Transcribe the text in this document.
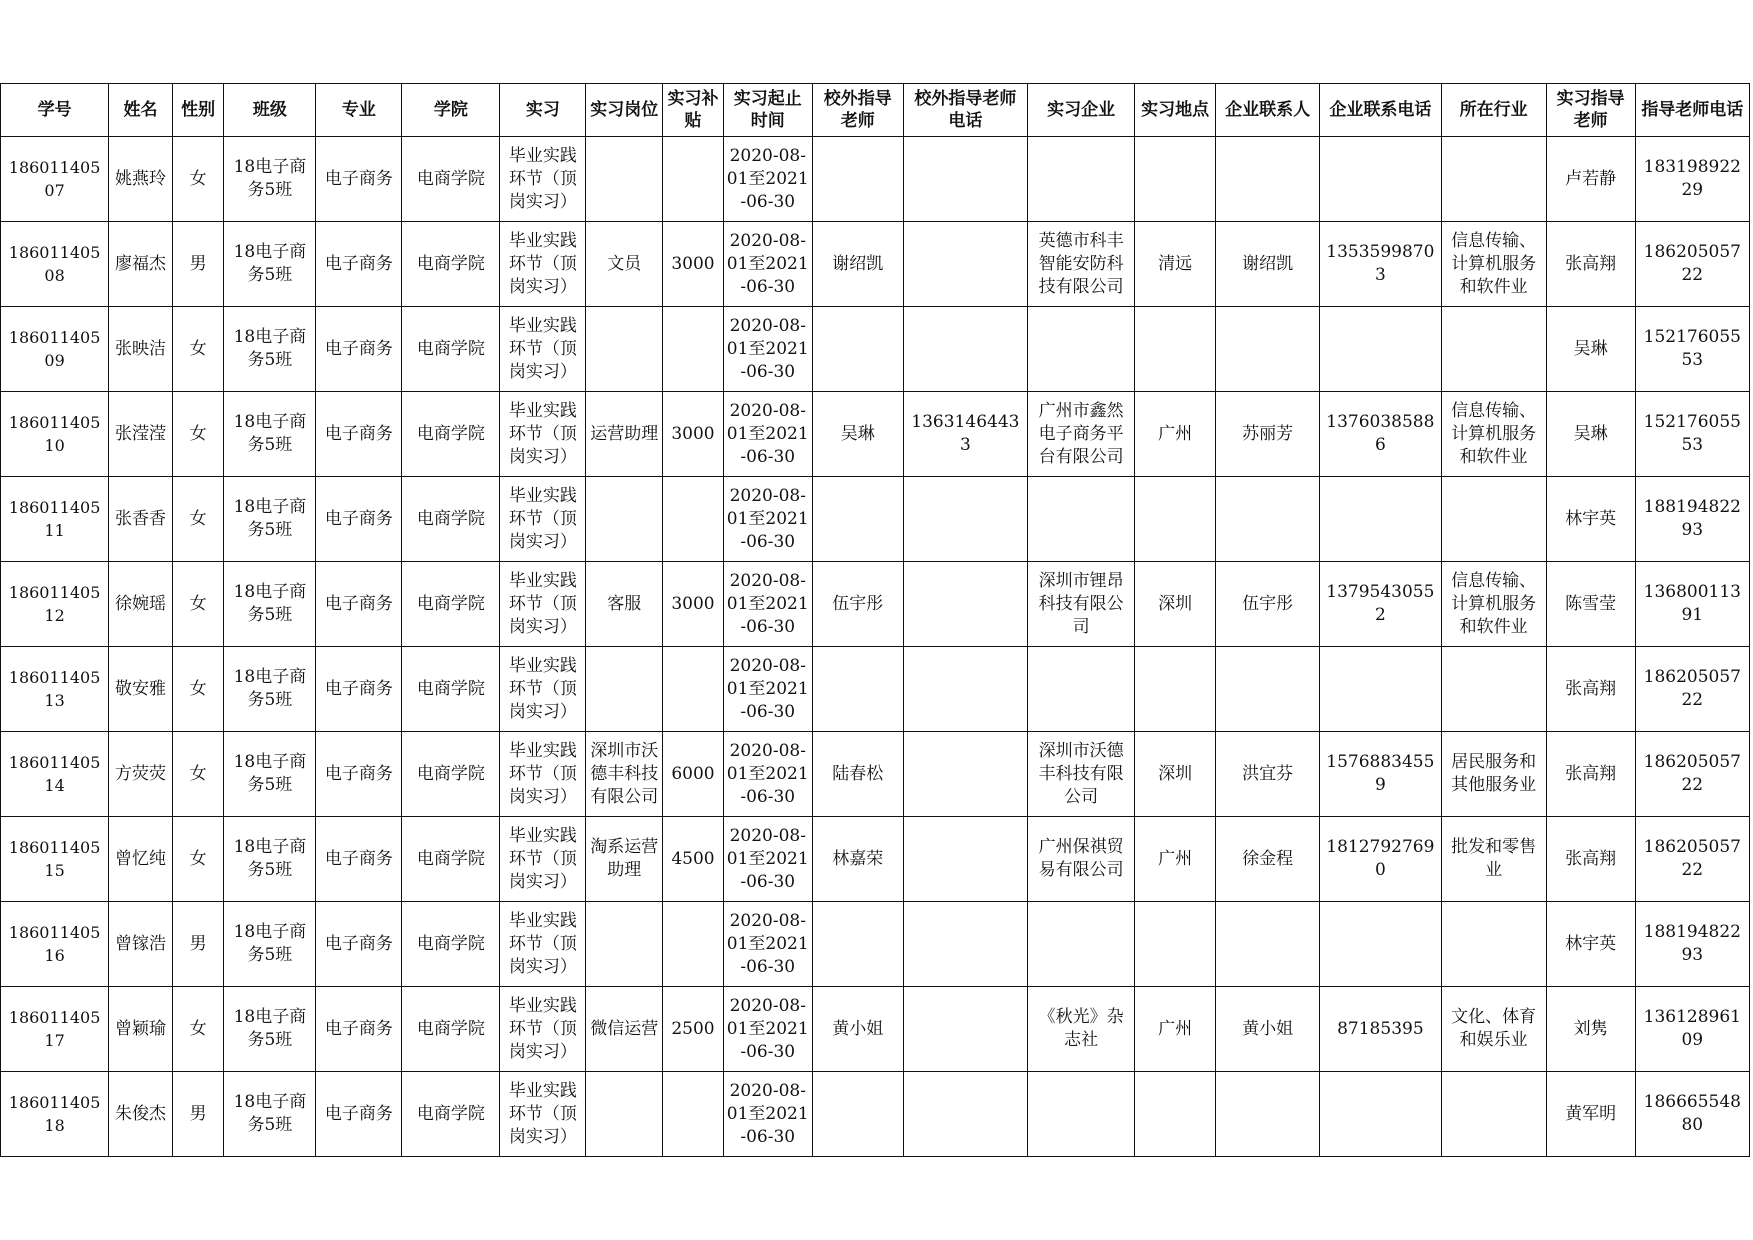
学号	姓名	性别	班级	专业	学院	实习	实习岗位	实习补贴	实习起止时间	校外指导老师	校外指导老师电话	实习企业	实习地点	企业联系人	企业联系电话	所在行业	实习指导老师	指导老师电话

18601140507	姚燕玲	女	18电子商务5班	电子商务	电商学院	毕业实践环节（顶岗实习）			2020-08-01至2021-06-30								卢若静	18319892229

18601140508	廖福杰	男	18电子商务5班	电子商务	电商学院	毕业实践环节（顶岗实习）	文员	3000	2020-08-01至2021-06-30	谢绍凯		英德市科丰智能安防科技有限公司	清远	谢绍凯	13535998703	信息传输、计算机服务和软件业	张高翔	18620505722

18601140509	张映洁	女	18电子商务5班	电子商务	电商学院	毕业实践环节（顶岗实习）			2020-08-01至2021-06-30								吴琳	15217605553

18601140510	张滢滢	女	18电子商务5班	电子商务	电商学院	毕业实践环节（顶岗实习）	运营助理	3000	2020-08-01至2021-06-30	吴琳	13631464433	广州市鑫然电子商务平台有限公司	广州	苏丽芳	13760385886	信息传输、计算机服务和软件业	吴琳	15217605553

18601140511	张香香	女	18电子商务5班	电子商务	电商学院	毕业实践环节（顶岗实习）			2020-08-01至2021-06-30								林宇英	18819482293

18601140512	徐婉瑶	女	18电子商务5班	电子商务	电商学院	毕业实践环节（顶岗实习）	客服	3000	2020-08-01至2021-06-30	伍宇彤		深圳市锂昂科技有限公司	深圳	伍宇彤	13795430552	信息传输、计算机服务和软件业	陈雪莹	13680011391

18601140513	敬安雅	女	18电子商务5班	电子商务	电商学院	毕业实践环节（顶岗实习）			2020-08-01至2021-06-30								张高翔	18620505722

18601140514	方荧荧	女	18电子商务5班	电子商务	电商学院	毕业实践环节（顶岗实习）	深圳市沃德丰科技有限公司	6000	2020-08-01至2021-06-30	陆春松		深圳市沃德丰科技有限公司	深圳	洪宜芬	15768834559	居民服务和其他服务业	张高翔	18620505722

18601140515	曾忆纯	女	18电子商务5班	电子商务	电商学院	毕业实践环节（顶岗实习）	淘系运营助理	4500	2020-08-01至2021-06-30	林嘉荣		广州保祺贸易有限公司	广州	徐金程	18127927690	批发和零售业	张高翔	18620505722

18601140516	曾镓浩	男	18电子商务5班	电子商务	电商学院	毕业实践环节（顶岗实习）			2020-08-01至2021-06-30								林宇英	18819482293

18601140517	曾颖瑜	女	18电子商务5班	电子商务	电商学院	毕业实践环节（顶岗实习）	微信运营	2500	2020-08-01至2021-06-30	黄小姐		《秋光》杂志社	广州	黄小姐	87185395	文化、体育和娱乐业	刘隽	13612896109

18601140518	朱俊杰	男	18电子商务5班	电子商务	电商学院	毕业实践环节（顶岗实习）			2020-08-01至2021-06-30								黄军明	18666554880
